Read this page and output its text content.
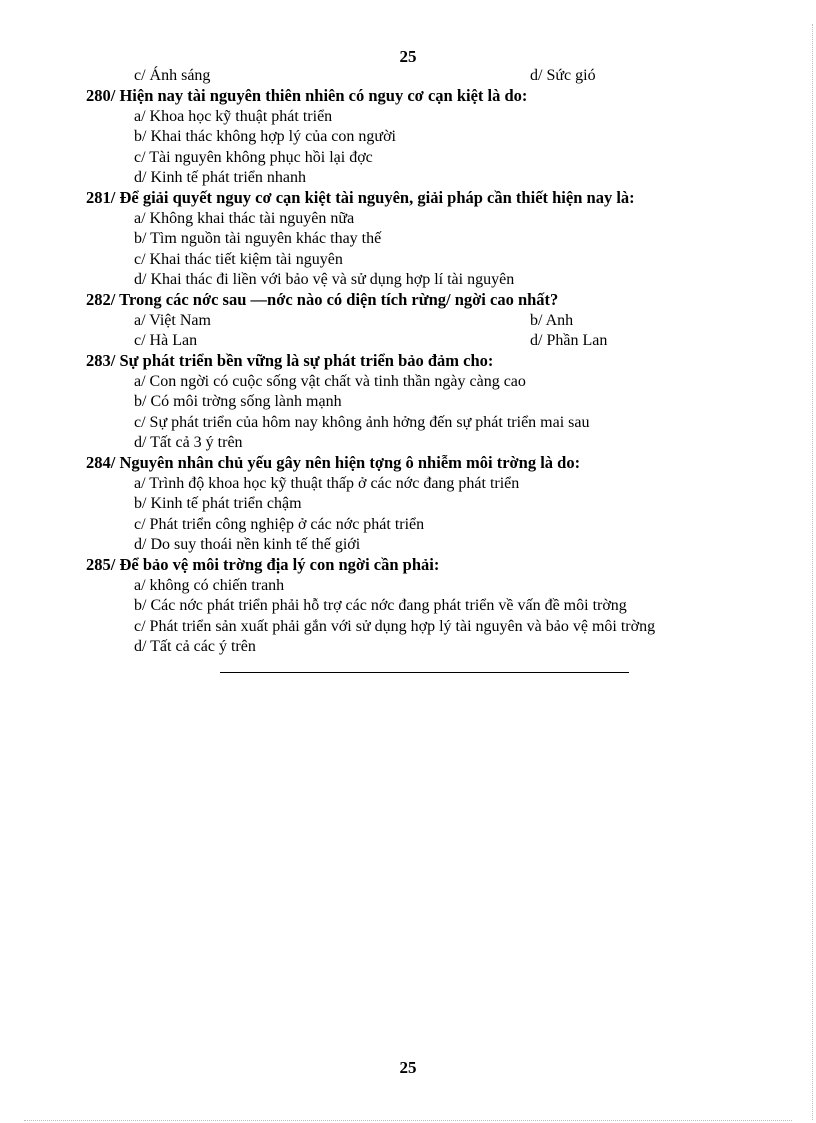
25
c/ Ánh sáng	d/ Sức gió
280/ Hiện nay tài nguyên thiên nhiên có nguy cơ cạn kiệt là do:
a/ Khoa học kỹ thuật phát triển
b/ Khai thác không hợp lý của con người
c/ Tài nguyên không phục hồi lại đợc
d/ Kinh tế phát triển nhanh
281/ Để giải quyết nguy cơ cạn kiệt tài nguyên, giải pháp cần thiết hiện nay là:
a/ Không khai thác tài nguyên nữa
b/ Tìm nguồn tài nguyên khác thay thế
c/ Khai thác tiết kiệm tài nguyên
d/ Khai thác đi liền với bảo vệ và sử dụng hợp lí tài nguyên
282/ Trong các nớc sau —nớc nào có diện tích rừng/ ngời cao nhất?
a/ Việt Nam	b/ Anh
c/ Hà Lan	d/ Phần Lan
283/ Sự phát triển bền vững là sự phát triển bảo đảm cho:
a/ Con ngời có cuộc sống vật chất và tinh thần ngày càng cao
b/ Có môi trờng sống lành mạnh
c/ Sự phát triển của hôm nay không ảnh hởng đến sự phát triển mai sau
d/ Tất cả 3 ý trên
284/ Nguyên nhân chủ yếu gây nên hiện tợng ô nhiễm môi trờng là do:
a/ Trình độ khoa học kỹ thuật thấp ở các nớc đang phát triển
b/ Kinh tế phát triển chậm
c/ Phát triển công nghiệp ở các nớc phát triển
d/ Do suy thoái nền kinh tế thế giới
285/ Để bảo vệ môi trờng địa lý con ngời cần phải:
a/ không có chiến tranh
b/ Các nớc phát triển phải hỗ trợ các nớc đang phát triển về vấn đề môi trờng
c/ Phát triển sản xuất phải gắn với sử dụng hợp lý tài nguyên và bảo vệ môi trờng
d/ Tất cả các ý trên
25
